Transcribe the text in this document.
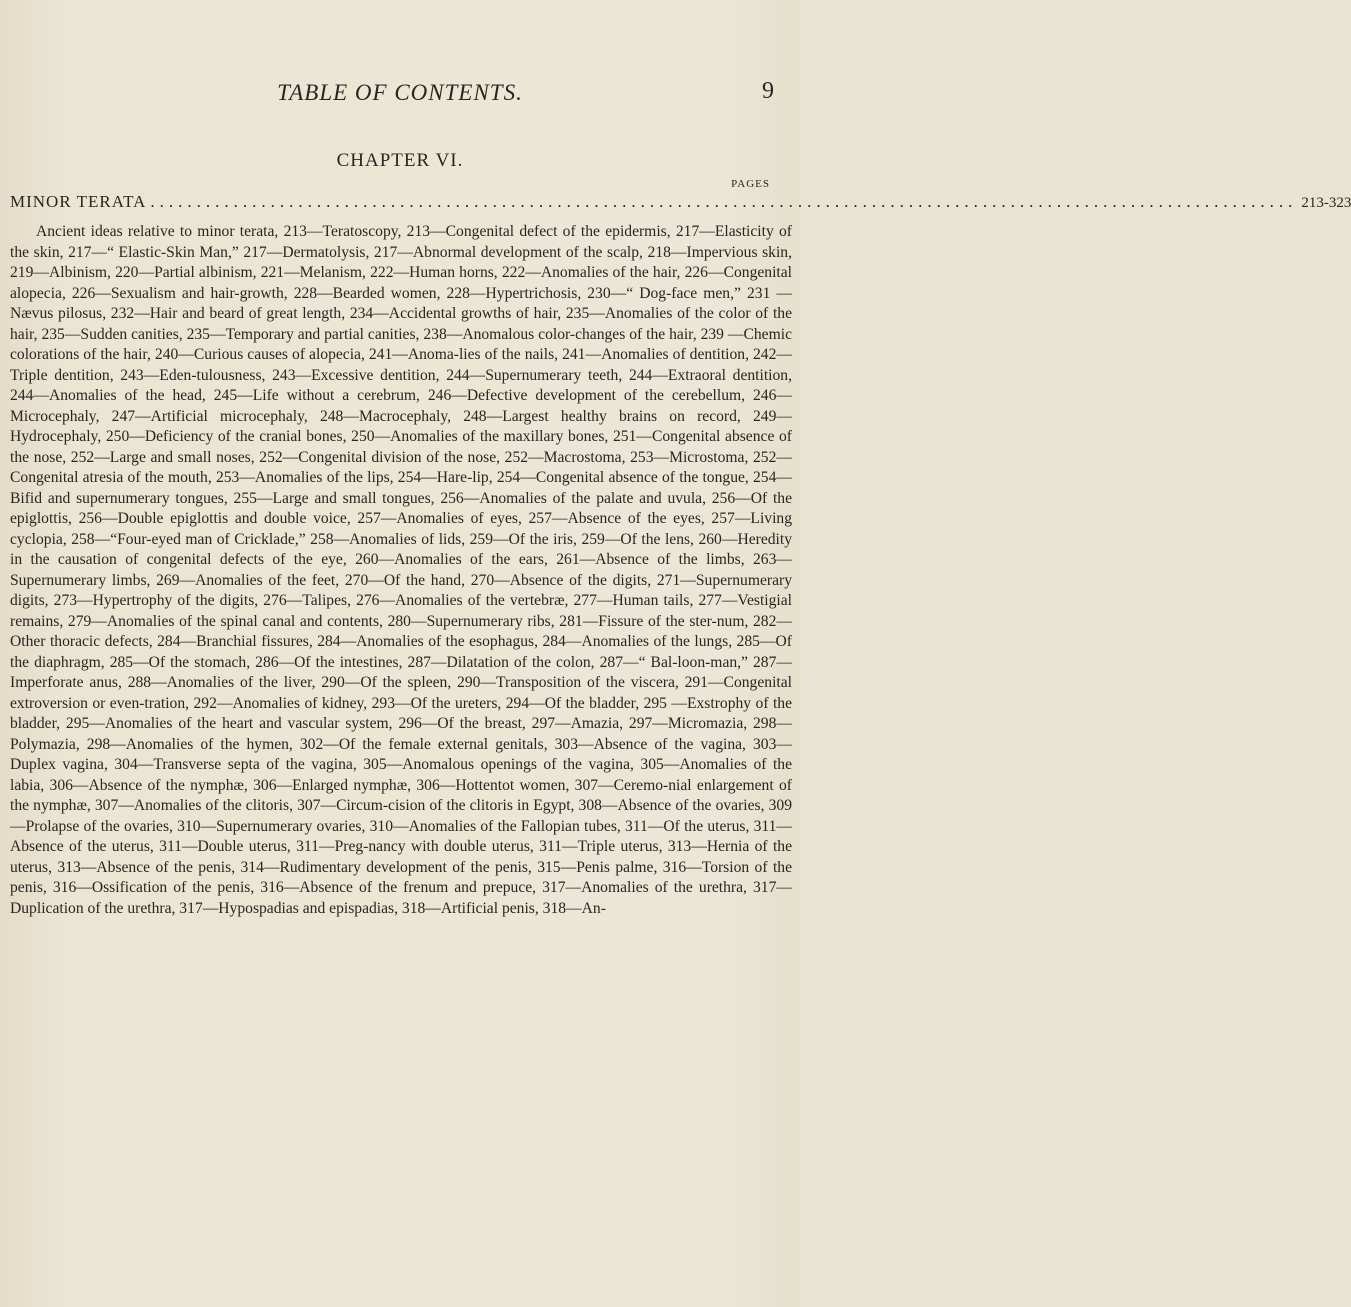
TABLE OF CONTENTS.	9
CHAPTER VI.
PAGES
MINOR TERATA ............................................................................................................................ 213-323

Ancient ideas relative to minor terata, 213—Teratoscopy, 213—Congenital defect of the epidermis, 217—Elasticity of the skin, 217—“ Elastic-Skin Man,” 217—Dermatolysis, 217—Abnormal development of the scalp, 218—Impervious skin, 219—Albinism, 220—Partial albinism, 221—Melanism, 222—Human horns, 222—Anomalies of the hair, 226—Congenital alopecia, 226—Sexualism and hair-growth, 228—Bearded women, 228—Hypertrichosis, 230—“ Dog-face men,” 231 —Nævus pilosus, 232—Hair and beard of great length, 234—Accidental growths of hair, 235—Anomalies of the color of the hair, 235—Sudden canities, 235—Temporary and partial canities, 238—Anomalous color-changes of the hair, 239 —Chemic colorations of the hair, 240—Curious causes of alopecia, 241—Anoma-lies of the nails, 241—Anomalies of dentition, 242—Triple dentition, 243—Eden-tulousness, 243—Excessive dentition, 244—Supernumerary teeth, 244—Extraoral dentition, 244—Anomalies of the head, 245—Life without a cerebrum, 246—Defective development of the cerebellum, 246—Microcephaly, 247—Artificial microcephaly, 248—Macrocephaly, 248—Largest healthy brains on record, 249—Hydrocephaly, 250—Deficiency of the cranial bones, 250—Anomalies of the maxillary bones, 251—Congenital absence of the nose, 252—Large and small noses, 252—Congenital division of the nose, 252—Macrostoma, 253—Microstoma, 252—Congenital atresia of the mouth, 253—Anomalies of the lips, 254—Hare-lip, 254—Congenital absence of the tongue, 254—Bifid and supernumerary tongues, 255—Large and small tongues, 256—Anomalies of the palate and uvula, 256—Of the epiglottis, 256—Double epiglottis and double voice, 257—Anomalies of eyes, 257—Absence of the eyes, 257—Living cyclopia, 258—“Four-eyed man of Cricklade,” 258—Anomalies of lids, 259—Of the iris, 259—Of the lens, 260—Heredity in the causation of congenital defects of the eye, 260—Anomalies of the ears, 261—Absence of the limbs, 263—Supernumerary limbs, 269—Anomalies of the feet, 270—Of the hand, 270—Absence of the digits, 271—Supernumerary digits, 273—Hypertrophy of the digits, 276—Talipes, 276—Anomalies of the vertebræ, 277—Human tails, 277—Vestigial remains, 279—Anomalies of the spinal canal and contents, 280—Supernumerary ribs, 281—Fissure of the ster-num, 282—Other thoracic defects, 284—Branchial fissures, 284—Anomalies of the esophagus, 284—Anomalies of the lungs, 285—Of the diaphragm, 285—Of the stomach, 286—Of the intestines, 287—Dilatation of the colon, 287—“ Bal-loon-man,” 287—Imperforate anus, 288—Anomalies of the liver, 290—Of the spleen, 290—Transposition of the viscera, 291—Congenital extroversion or even-tration, 292—Anomalies of kidney, 293—Of the ureters, 294—Of the bladder, 295 —Exstrophy of the bladder, 295—Anomalies of the heart and vascular system, 296—Of the breast, 297—Amazia, 297—Micromazia, 298—Polymazia, 298—Anomalies of the hymen, 302—Of the female external genitals, 303—Absence of the vagina, 303—Duplex vagina, 304—Transverse septa of the vagina, 305—Anomalous openings of the vagina, 305—Anomalies of the labia, 306—Absence of the nymphæ, 306—Enlarged nymphæ, 306—Hottentot women, 307—Ceremo-nial enlargement of the nymphæ, 307—Anomalies of the clitoris, 307—Circum-cision of the clitoris in Egypt, 308—Absence of the ovaries, 309—Prolapse of the ovaries, 310—Supernumerary ovaries, 310—Anomalies of the Fallopian tubes, 311—Of the uterus, 311—Absence of the uterus, 311—Double uterus, 311—Preg-nancy with double uterus, 311—Triple uterus, 313—Hernia of the uterus, 313—Absence of the penis, 314—Rudimentary development of the penis, 315—Penis palme, 316—Torsion of the penis, 316—Ossification of the penis, 316—Absence of the frenum and prepuce, 317—Anomalies of the urethra, 317—Duplication of the urethra, 317—Hypospadias and epispadias, 318—Artificial penis, 318—An-
